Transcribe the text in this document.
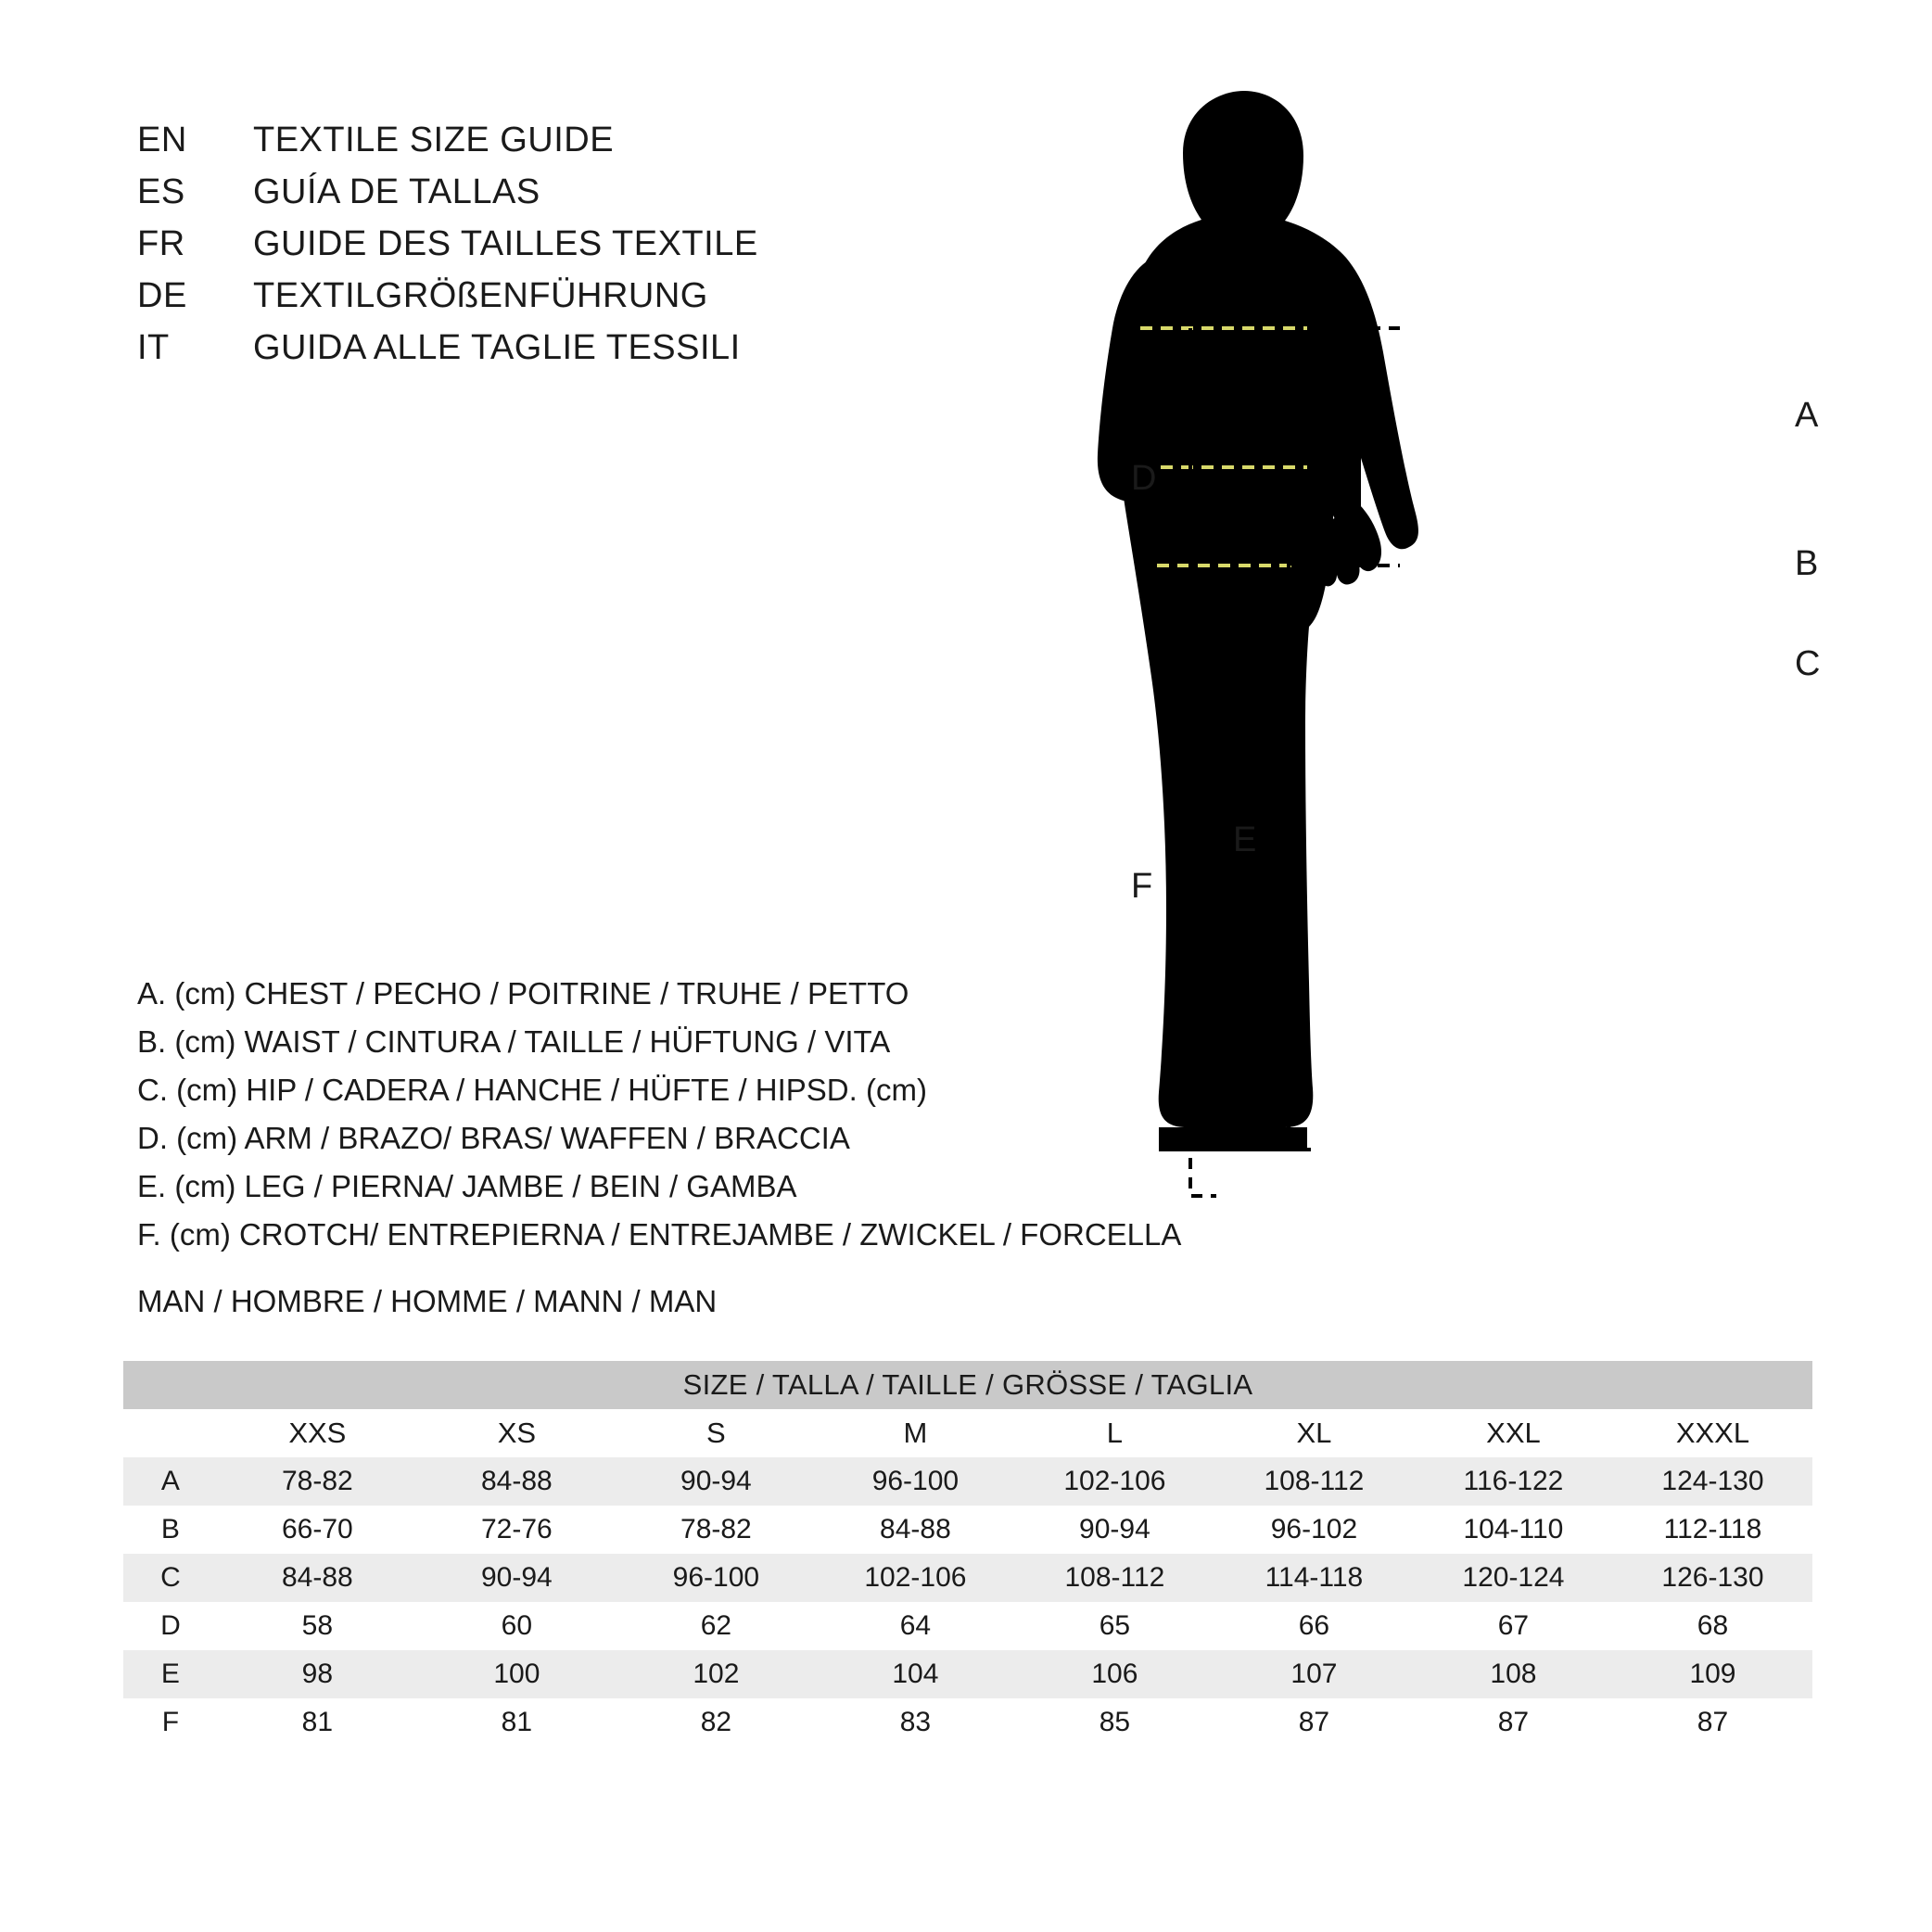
EN	TEXTILE SIZE GUIDE
ES	GUÍA DE TALLAS
FR	GUIDE DES TAILLES TEXTILE
DE	TEXTILGRÖßENFÜHRUNG
IT	GUIDA ALLE TAGLIE TESSILI
A. (cm) CHEST / PECHO / POITRINE / TRUHE / PETTO
B. (cm) WAIST / CINTURA / TAILLE / HÜFTUNG / VITA
C. (cm) HIP / CADERA / HANCHE / HÜFTE / HIPSD. (cm)
D. (cm) ARM / BRAZO/ BRAS/ WAFFEN / BRACCIA
E. (cm) LEG / PIERNA/ JAMBE / BEIN / GAMBA
F. (cm) CROTCH/ ENTREPIERNA / ENTREJAMBE / ZWICKEL / FORCELLA
MAN / HOMBRE / HOMME / MANN / MAN
D
F
E
A
B
C
SIZE / TALLA / TAILLE / GRÖSSE / TAGLIA								
	XXS	XS	S	M	L	XL	XXL	XXXL
A	78-82	84-88	90-94	96-100	102-106	108-112	116-122	124-130
B	66-70	72-76	78-82	84-88	90-94	96-102	104-110	112-118
C	84-88	90-94	96-100	102-106	108-112	114-118	120-124	126-130
D	58	60	62	64	65	66	67	68
E	98	100	102	104	106	107	108	109
F	81	81	82	83	85	87	87	87
